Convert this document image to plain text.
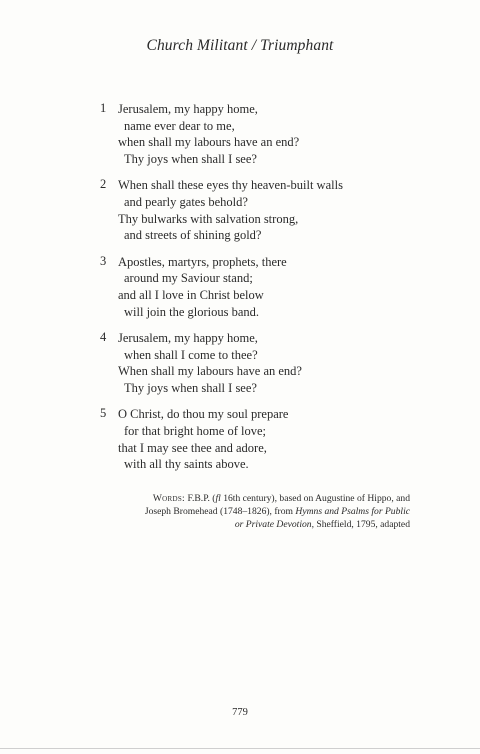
Church Militant / Triumphant
1 Jerusalem, my happy home,
name ever dear to me,
when shall my labours have an end?
Thy joys when shall I see?
2 When shall these eyes thy heaven-built walls
and pearly gates behold?
Thy bulwarks with salvation strong,
and streets of shining gold?
3 Apostles, martyrs, prophets, there
around my Saviour stand;
and all I love in Christ below
will join the glorious band.
4 Jerusalem, my happy home,
when shall I come to thee?
When shall my labours have an end?
Thy joys when shall I see?
5 O Christ, do thou my soul prepare
for that bright home of love;
that I may see thee and adore,
with all thy saints above.
Words: F.B.P. (fl 16th century), based on Augustine of Hippo, and
Joseph Bromehead (1748–1826), from Hymns and Psalms for Public
or Private Devotion, Sheffield, 1795, adapted
779
